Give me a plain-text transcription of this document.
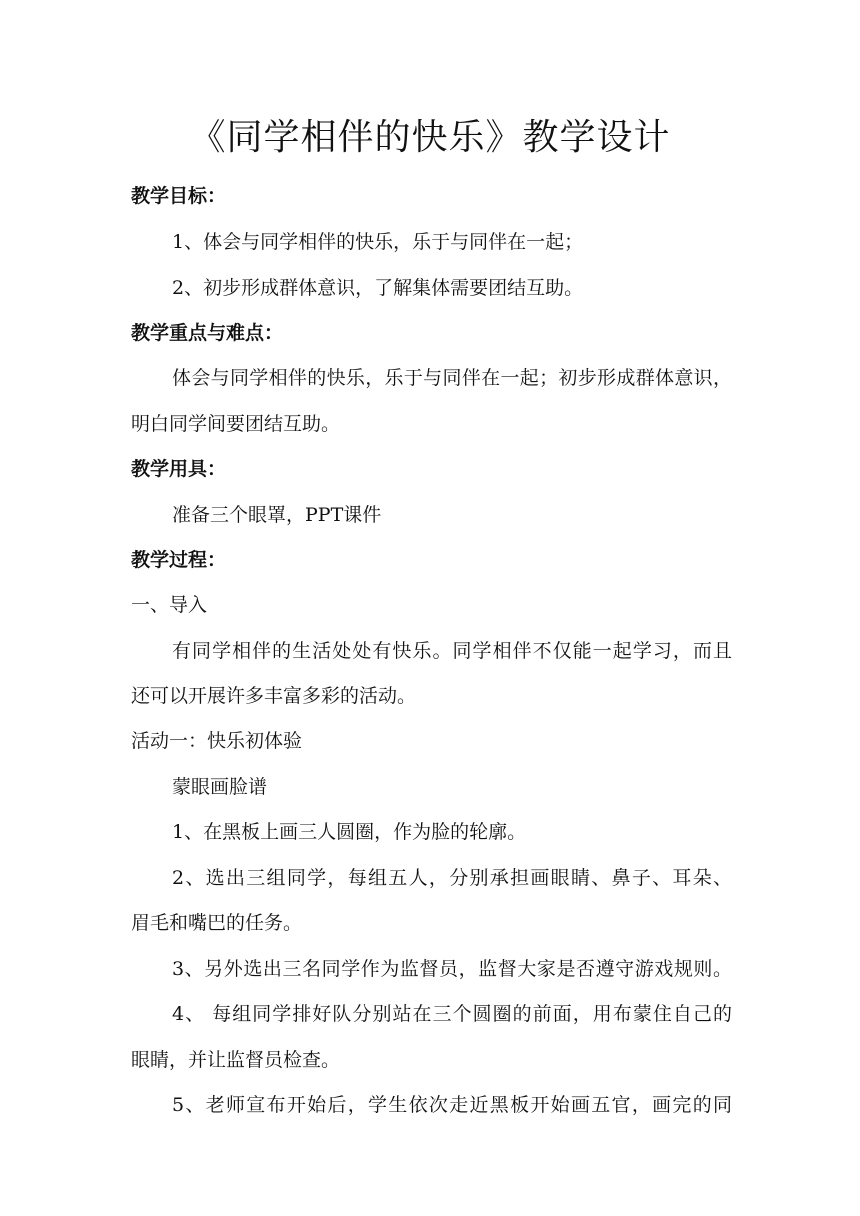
《同学相伴的快乐》教学设计
教学目标：
1、体会与同学相伴的快乐，乐于与同伴在一起；
2、初步形成群体意识，了解集体需要团结互助。
教学重点与难点：
体会与同学相伴的快乐，乐于与同伴在一起；初步形成群体意识，
明白同学间要团结互助。
教学用具：
准备三个眼罩，PPT课件
教学过程：
一、导入
有同学相伴的生活处处有快乐。同学相伴不仅能一起学习，而且
还可以开展许多丰富多彩的活动。
活动一：快乐初体验
蒙眼画脸谱
1、在黑板上画三人圆圈，作为脸的轮廓。
2、选出三组同学，每组五人，分别承担画眼睛、鼻子、耳朵、
眉毛和嘴巴的任务。
3、另外选出三名同学作为监督员，监督大家是否遵守游戏规则。
4、 每组同学排好队分别站在三个圆圈的前面，用布蒙住自己的
眼睛，并让监督员检查。
5、老师宣布开始后，学生依次走近黑板开始画五官，画完的同
